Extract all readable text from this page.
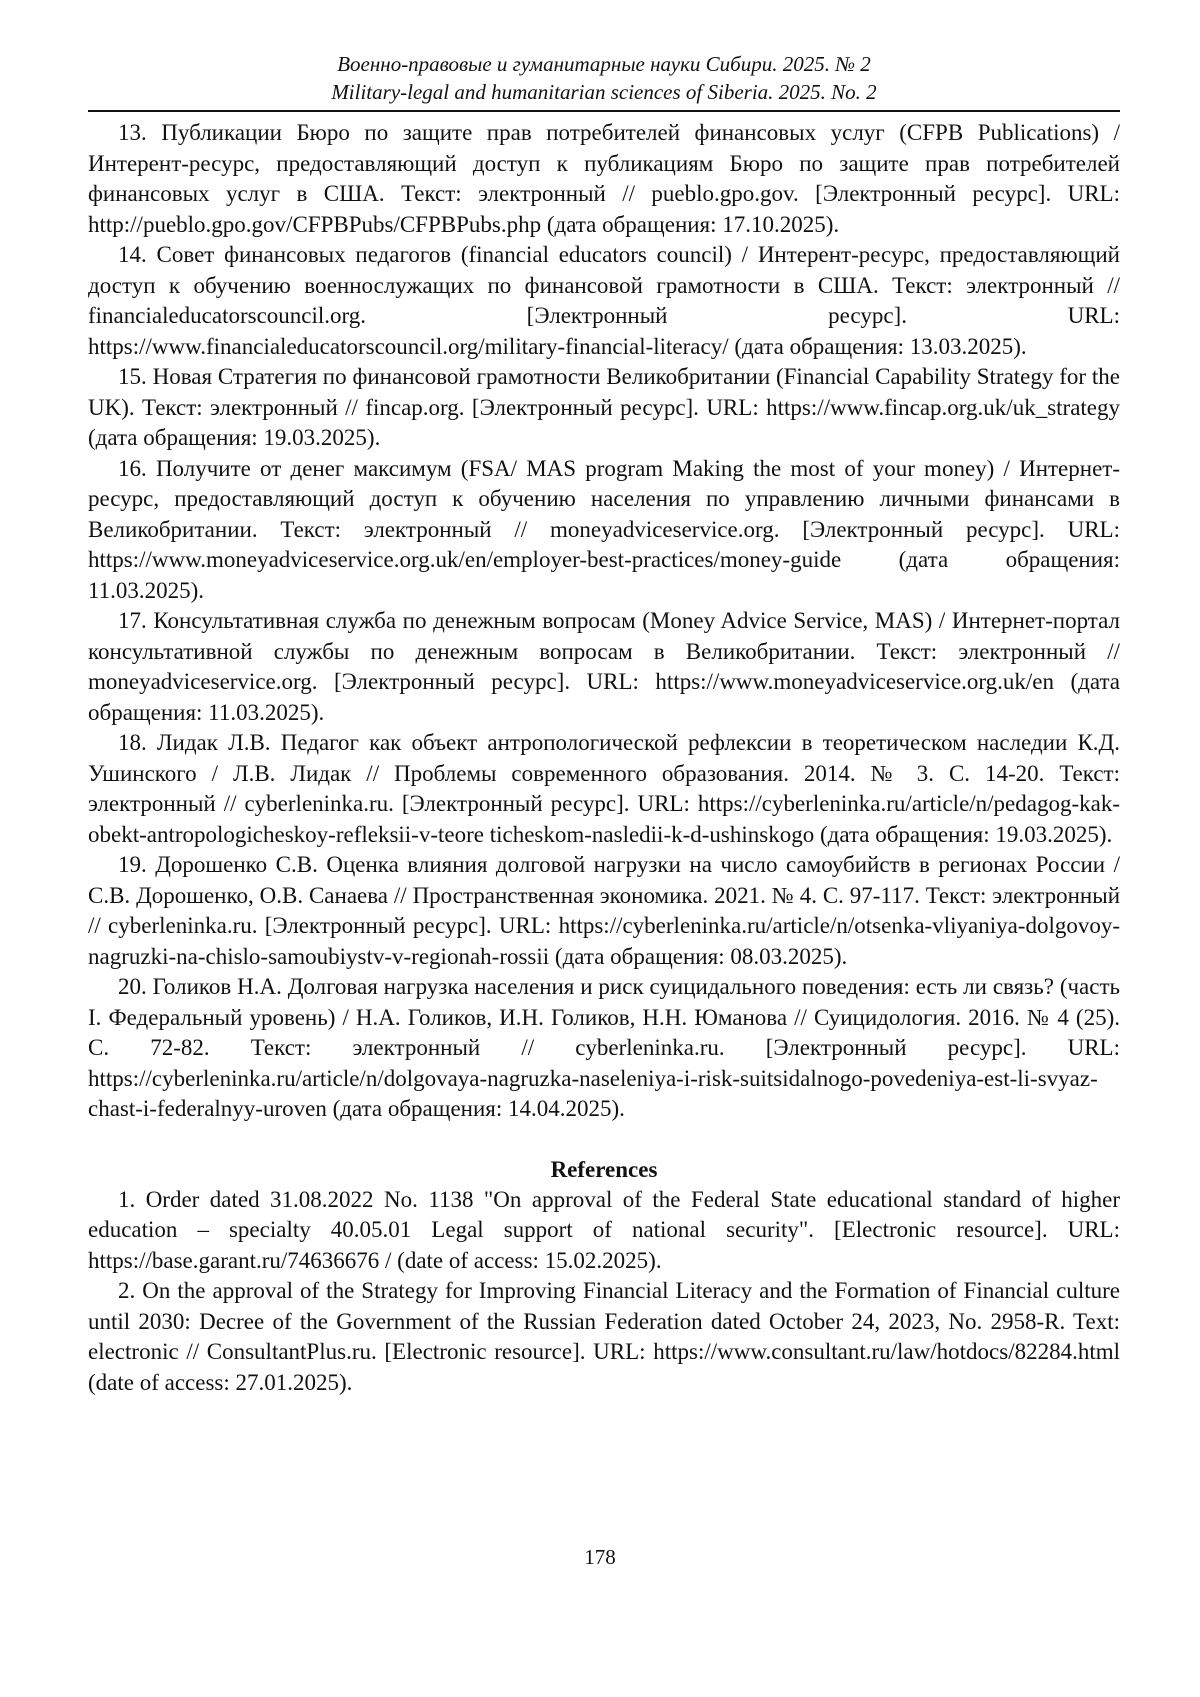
Военно-правовые и гуманитарные науки Сибири. 2025. № 2
Military-legal and humanitarian sciences of Siberia. 2025. No. 2

13. Публикации Бюро по защите прав потребителей финансовых услуг (CFPB Publications) / Интерент-ресурс, предоставляющий доступ к публикациям Бюро по защите прав потребителей финансовых услуг в США. Текст: электронный // pueblo.gpo.gov. [Электронный ресурс]. URL: http://pueblo.gpo.gov/CFPBPubs/CFPBPubs.php (дата обращения: 17.10.2025).

14. Совет финансовых педагогов (financial educators council) / Интерент-ресурс, предоставляющий доступ к обучению военнослужащих по финансовой грамотности в США. Текст: электронный // financialeducatorscouncil.org. [Электронный ресурс]. URL: https://www.financialeducatorscouncil.org/military-financial-literacy/ (дата обращения: 13.03.2025).

15. Новая Стратегия по финансовой грамотности Великобритании (Financial Capability Strategy for the UK). Текст: электронный // fincap.org. [Электронный ресурс]. URL: https://www.fincap.org.uk/uk_strategy (дата обращения: 19.03.2025).

16. Получите от денег максимум (FSA/ MAS program Making the most of your money) / Интернет-ресурс, предоставляющий доступ к обучению населения по управлению личными финансами в Великобритании. Текст: электронный // moneyadviceservice.org. [Электронный ресурс]. URL: https://www.moneyadviceservice.org.uk/en/employer-best-practices/money-guide (дата обращения: 11.03.2025).

17. Консультативная служба по денежным вопросам (Money Advice Service, MAS) / Интернет-портал консультативной службы по денежным вопросам в Великобритании. Текст: электронный // moneyadviceservice.org. [Электронный ресурс]. URL: https://www.moneyadviceservice.org.uk/en (дата обращения: 11.03.2025).

18. Лидак Л.В. Педагог как объект антропологической рефлексии в теоретическом наследии К.Д. Ушинского / Л.В. Лидак // Проблемы современного образования. 2014. № 3. С. 14-20. Текст: электронный // cyberleninka.ru. [Электронный ресурс]. URL: https://cyberleninka.ru/article/n/pedagog-kak-obekt-antropologicheskoy-refleksii-v-teore ticheskom-nasledii-k-d-ushinskogo (дата обращения: 19.03.2025).

19. Дорошенко С.В. Оценка влияния долговой нагрузки на число самоубийств в регионах России / С.В. Дорошенко, О.В. Санаева // Пространственная экономика. 2021. № 4. С. 97-117. Текст: электронный // cyberleninka.ru. [Электронный ресурс]. URL: https://cyberleninka.ru/article/n/otsenka-vliyaniya-dolgovoy-nagruzki-na-chislo-samoubiystv-v-regionah-rossii (дата обращения: 08.03.2025).

20. Голиков Н.А. Долговая нагрузка населения и риск суицидального поведения: есть ли связь? (часть I. Федеральный уровень) / Н.А. Голиков, И.Н. Голиков, Н.Н. Юманова // Суицидология. 2016. № 4 (25). С. 72-82. Текст: электронный // cyberleninka.ru. [Электронный ресурс]. URL: https://cyberleninka.ru/article/n/dolgovaya-nagruzka-naseleniya-i-risk-suitsidalnogo-povedeniya-est-li-svyaz-chast-i-federalnyy-uroven (дата обращения: 14.04.2025).

References

1. Order dated 31.08.2022 No. 1138 "On approval of the Federal State educational standard of higher education – specialty 40.05.01 Legal support of national security". [Electronic resource]. URL: https://base.garant.ru/74636676 / (date of access: 15.02.2025).

2. On the approval of the Strategy for Improving Financial Literacy and the Formation of Financial culture until 2030: Decree of the Government of the Russian Federation dated October 24, 2023, No. 2958-R. Text: electronic // ConsultantPlus.ru. [Electronic resource]. URL: https://www.consultant.ru/law/hotdocs/82284.html (date of access: 27.01.2025).

178
